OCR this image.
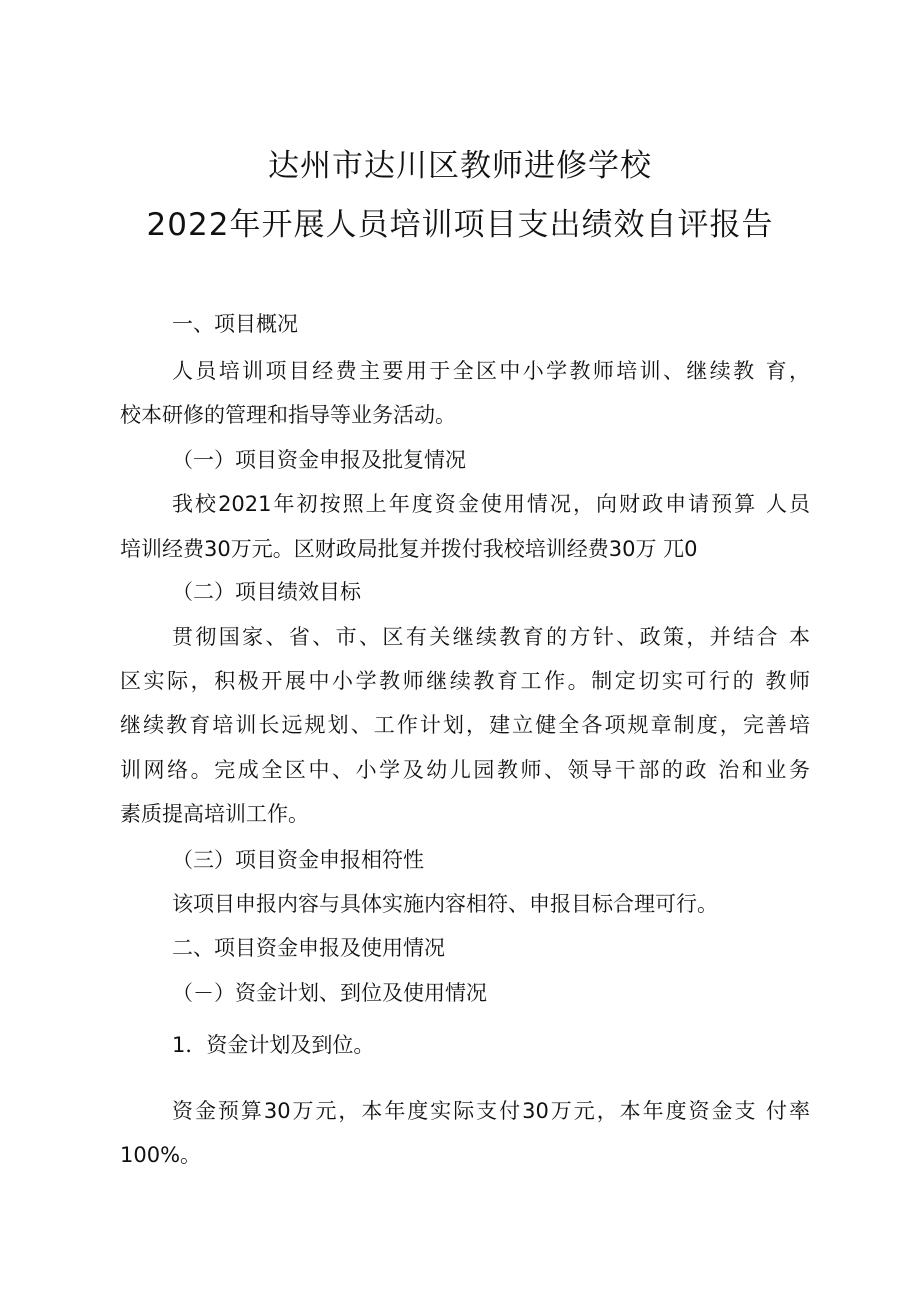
达州市达川区教师进修学校
2022年开展人员培训项目支出绩效自评报告
一、项目概况
人员培训项目经费主要用于全区中小学教师培训、继续教 育，
校本研修的管理和指导等业务活动。
（一）项目资金申报及批复情况
我校2021年初按照上年度资金使用情况，向财政申请预算 人员
培训经费30万元。区财政局批复并拨付我校培训经费30万 兀0
（二）项目绩效目标
贯彻国家、省、市、区有关继续教育的方针、政策，并结合 本
区实际，积极开展中小学教师继续教育工作。制定切实可行的 教师
继续教育培训长远规划、工作计划，建立健全各项规章制度，完善培
训网络。完成全区中、小学及幼儿园教师、领导干部的政 治和业务
素质提高培训工作。
（三）项目资金申报相符性
该项目申报内容与具体实施内容相符、申报目标合理可行。
二、项目资金申报及使用情况
（－）资金计划、到位及使用情况
1．资金计划及到位。
资金预算30万元，本年度实际支付30万元，本年度资金支 付率
100%。
